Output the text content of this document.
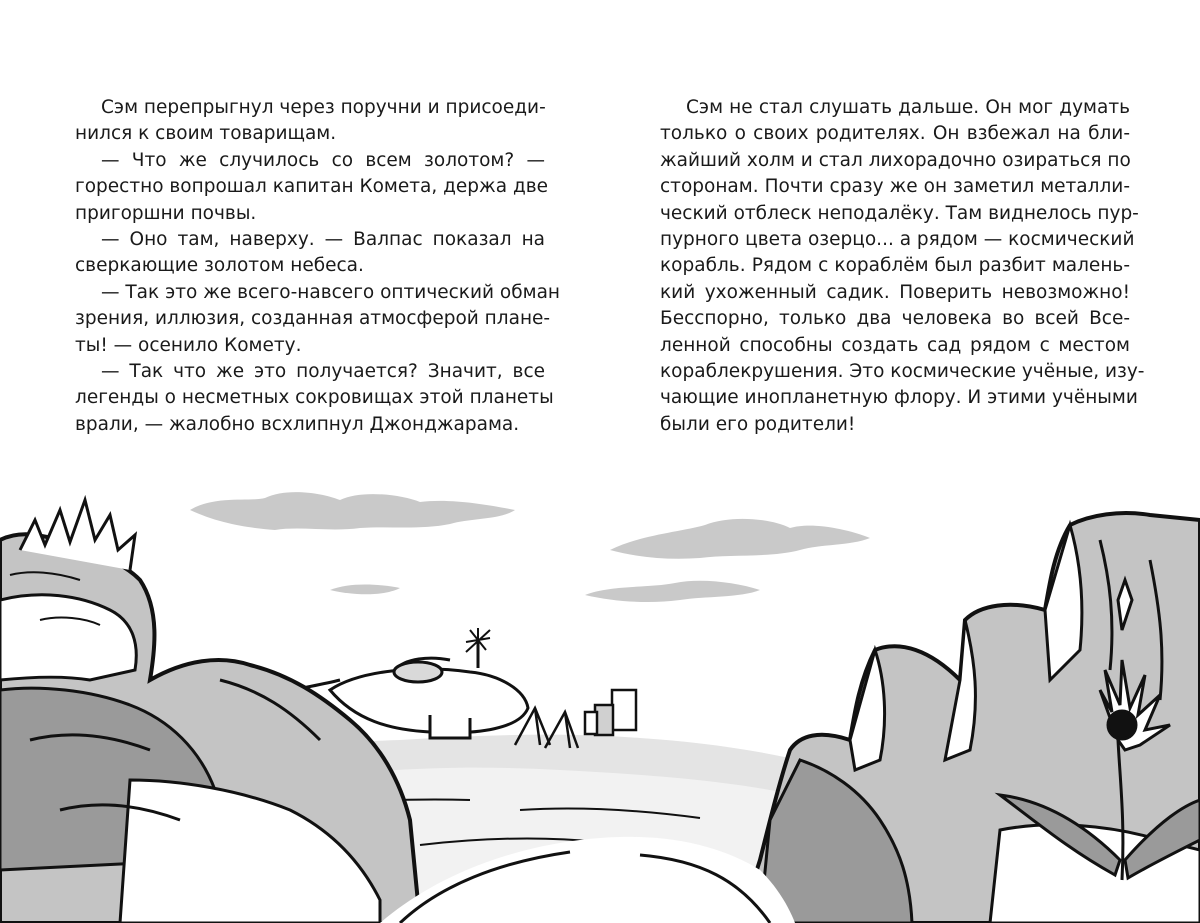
Сэм перепрыгнул через поручни и присоеди-
нился к своим товарищам.
— Что же случилось со всем золотом? —
горестно вопрошал капитан Комета, держа две
пригоршни почвы.
— Оно там, наверху. — Валпас показал на
сверкающие золотом небеса.
— Так это же всего-навсего оптический обман
зрения, иллюзия, созданная атмосферой плане-
ты! — осенило Комету.
— Так что же это получается? Значит, все
легенды о несметных сокровищах этой планеты
врали, — жалобно всхлипнул Джонджарама.
Сэм не стал слушать дальше. Он мог думать
только о своих родителях. Он взбежал на бли-
жайший холм и стал лихорадочно озираться по
сторонам. Почти сразу же он заметил металли-
ческий отблеск неподалёку. Там виднелось пур-
пурного цвета озерцо... а рядом — космический
корабль. Рядом с кораблём был разбит малень-
кий ухоженный садик. Поверить невозможно!
Бесспорно, только два человека во всей Все-
ленной способны создать сад рядом с местом
кораблекрушения. Это космические учёные, изу-
чающие инопланетную флору. И этими учёными
были его родители!
